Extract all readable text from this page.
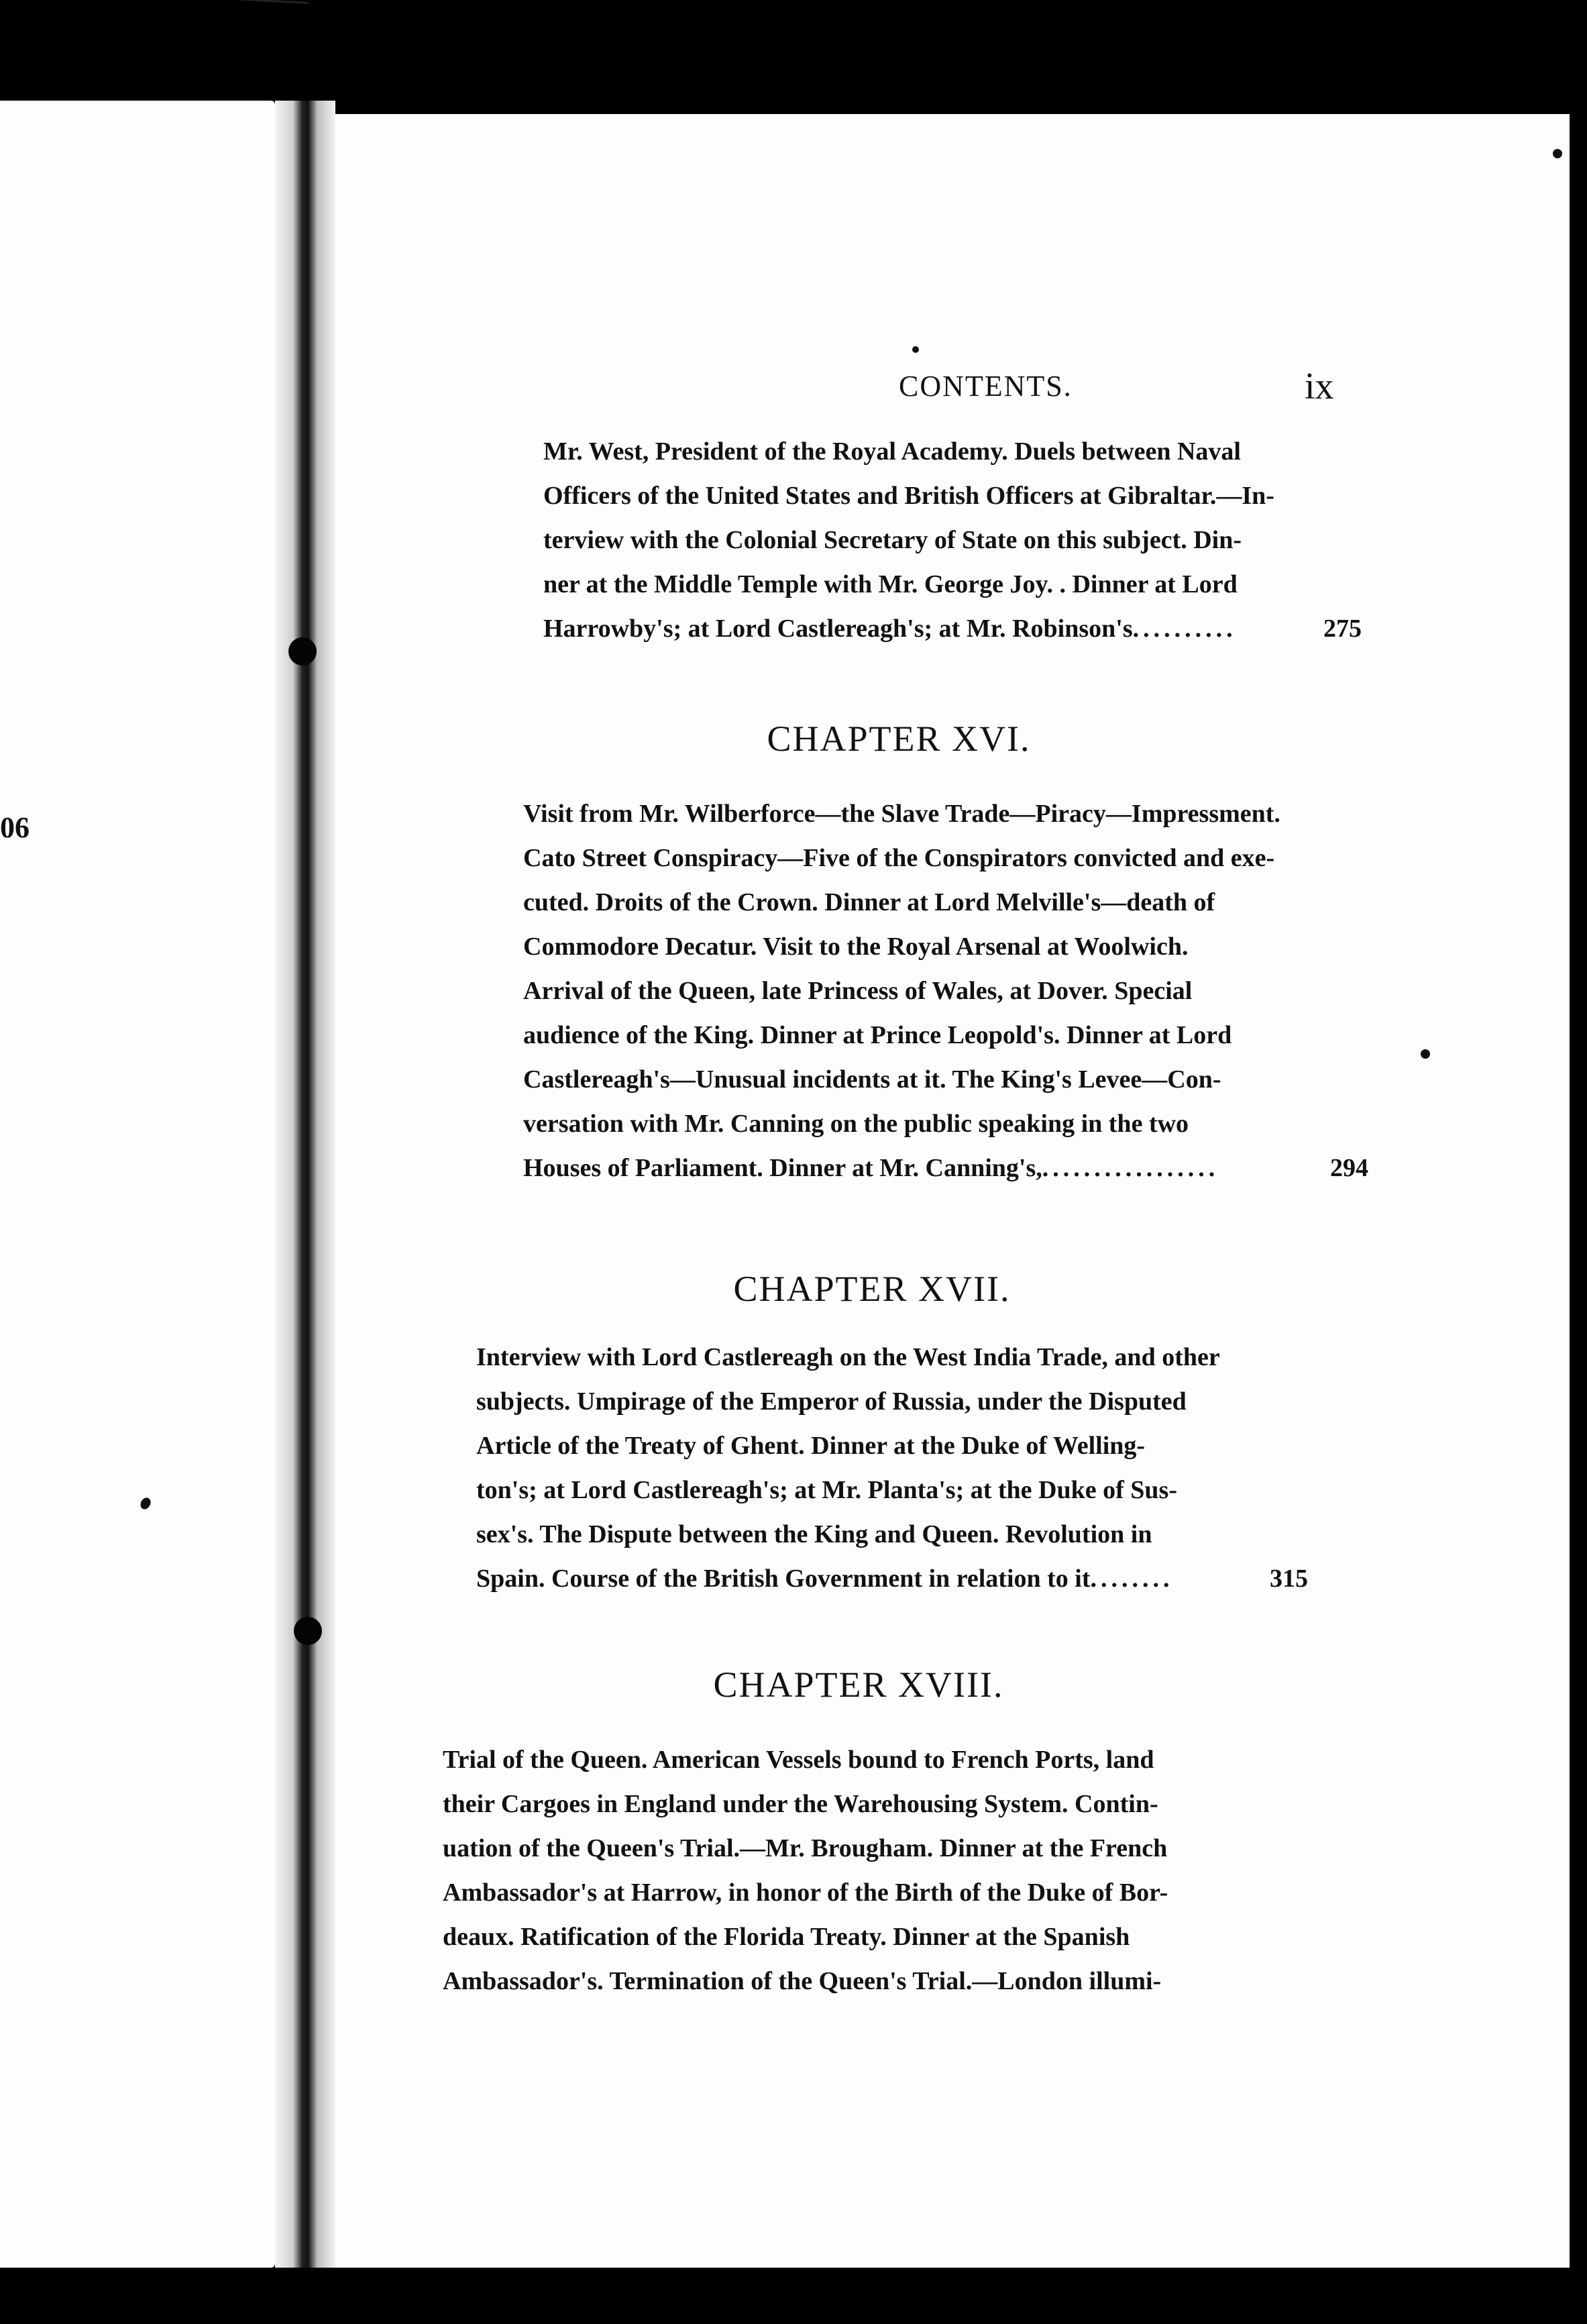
06
CONTENTS.	ix
Mr. West, President of the Royal Academy. Duels between Naval
Officers of the United States and British Officers at Gibraltar.—In-
terview with the Colonial Secretary of State on this subject. Din-
ner at the Middle Temple with Mr. George Joy. . Dinner at Lord
Harrowby's; at Lord Castlereagh's; at Mr. Robinson's ..........	275
CHAPTER XVI.
Visit from Mr. Wilberforce—the Slave Trade—Piracy—Impressment.
Cato Street Conspiracy—Five of the Conspirators convicted and exe-
cuted. Droits of the Crown. Dinner at Lord Melville's—death of
Commodore Decatur. Visit to the Royal Arsenal at Woolwich.
Arrival of the Queen, late Princess of Wales, at Dover. Special
audience of the King. Dinner at Prince Leopold's. Dinner at Lord
Castlereagh's—Unusual incidents at it. The King's Levee—Con-
versation with Mr. Canning on the public speaking in the two
Houses of Parliament. Dinner at Mr. Canning's, .................	294
CHAPTER XVII.
Interview with Lord Castlereagh on the West India Trade, and other
subjects. Umpirage of the Emperor of Russia, under the Disputed
Article of the Treaty of Ghent. Dinner at the Duke of Welling-
ton's; at Lord Castlereagh's; at Mr. Planta's; at the Duke of Sus-
sex's. The Dispute between the King and Queen. Revolution in
Spain. Course of the British Government in relation to it ........	315
CHAPTER XVIII.
Trial of the Queen. American Vessels bound to French Ports, land
their Cargoes in England under the Warehousing System. Contin-
uation of the Queen's Trial.—Mr. Brougham. Dinner at the French
Ambassador's at Harrow, in honor of the Birth of the Duke of Bor-
deaux. Ratification of the Florida Treaty. Dinner at the Spanish
Ambassador's. Termination of the Queen's Trial.—London illumi-
